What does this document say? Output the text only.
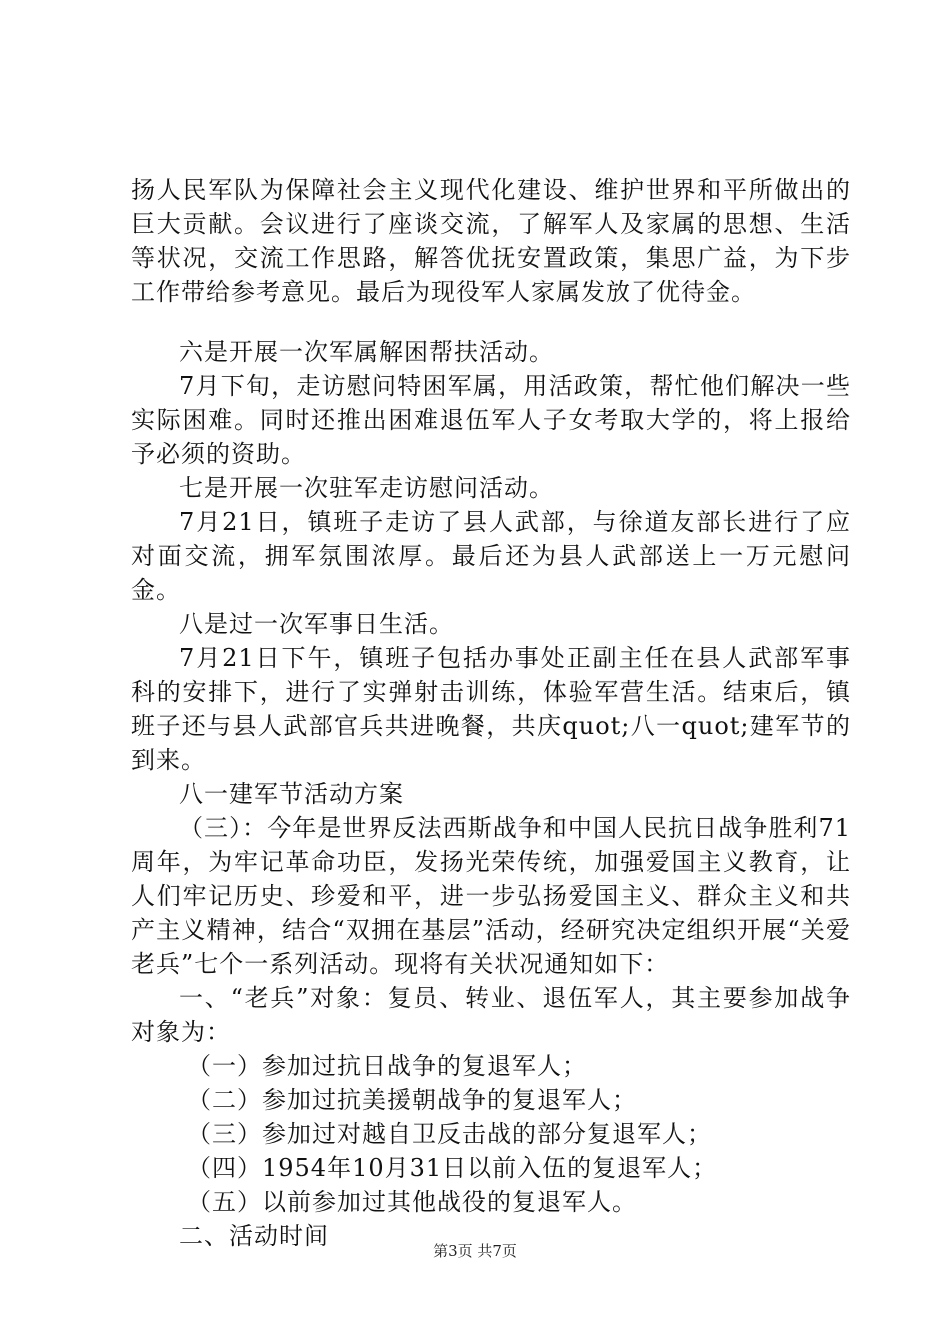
扬人民军队为保障社会主义现代化建设、维护世界和平所做出的巨大贡献。会议进行了座谈交流，了解军人及家属的思想、生活等状况，交流工作思路，解答优抚安置政策，集思广益，为下步工作带给参考意见。最后为现役军人家属发放了优待金。

六是开展一次军属解困帮扶活动。

7月下旬，走访慰问特困军属，用活政策，帮忙他们解决一些实际困难。同时还推出困难退伍军人子女考取大学的，将上报给予必须的资助。

七是开展一次驻军走访慰问活动。

7月21日，镇班子走访了县人武部，与徐道友部长进行了应对面交流，拥军氛围浓厚。最后还为县人武部送上一万元慰问金。

八是过一次军事日生活。

7月21日下午，镇班子包括办事处正副主任在县人武部军事科的安排下，进行了实弹射击训练，体验军营生活。结束后，镇班子还与县人武部官兵共进晚餐，共庆quot;八一quot;建军节的到来。

八一建军节活动方案

（三）：今年是世界反法西斯战争和中国人民抗日战争胜利71周年，为牢记革命功臣，发扬光荣传统，加强爱国主义教育，让人们牢记历史、珍爱和平，进一步弘扬爱国主义、群众主义和共产主义精神，结合“双拥在基层”活动，经研究决定组织开展“关爱老兵”七个一系列活动。现将有关状况通知如下：

一、“老兵”对象：复员、转业、退伍军人，其主要参加战争对象为：

（一）参加过抗日战争的复退军人；

（二）参加过抗美援朝战争的复退军人；

（三）参加过对越自卫反击战的部分复退军人；

（四）1954年10月31日以前入伍的复退军人；

（五）以前参加过其他战役的复退军人。

二、活动时间

第3页 共7页
